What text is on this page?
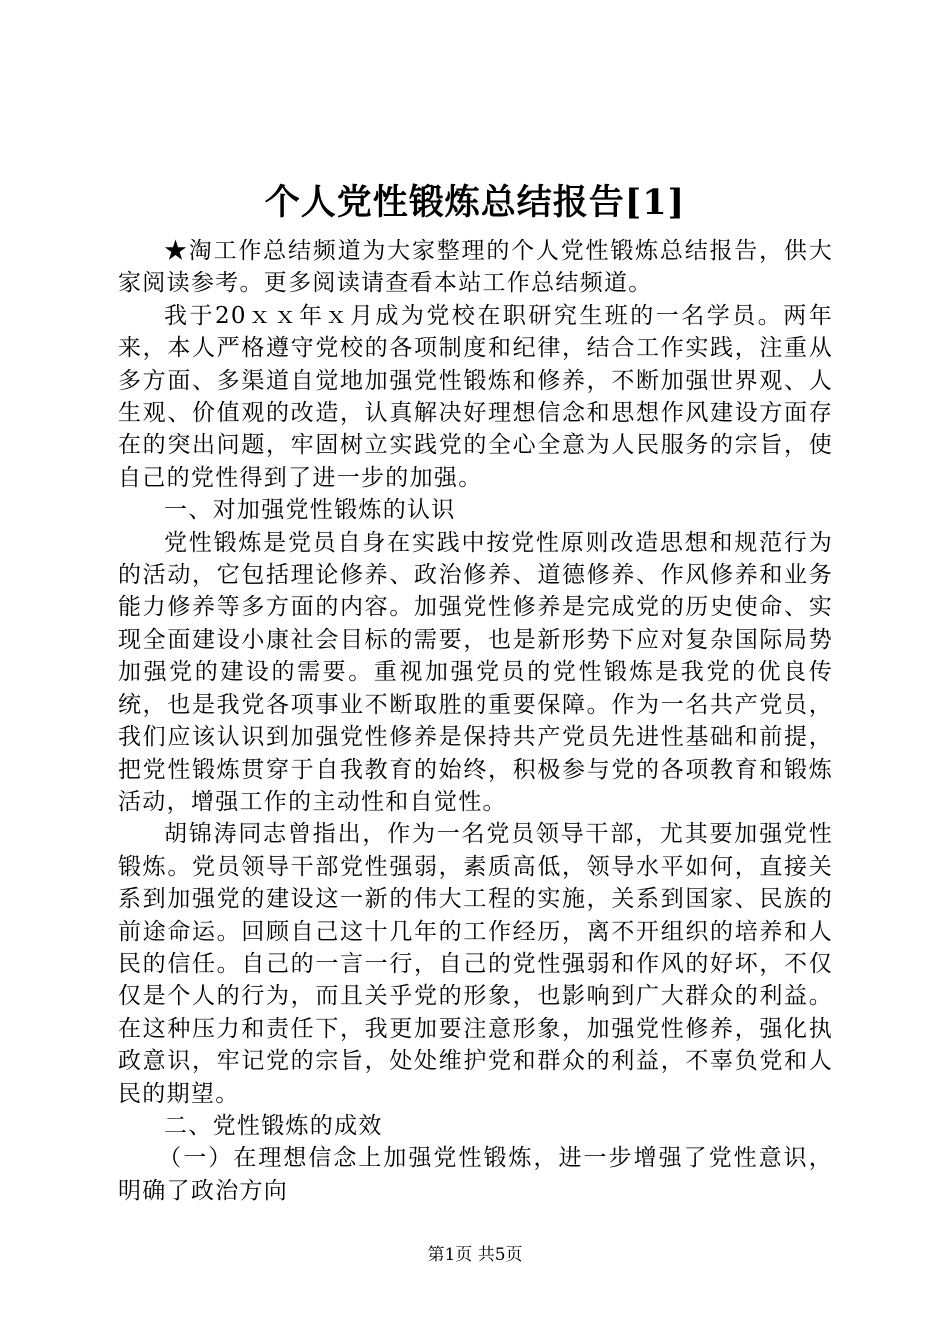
个人党性锻炼总结报告[1]

★淘工作总结频道为大家整理的个人党性锻炼总结报告，供大家阅读参考。更多阅读请查看本站工作总结频道。

我于20ｘｘ年ｘ月成为党校在职研究生班的一名学员。两年来，本人严格遵守党校的各项制度和纪律，结合工作实践，注重从多方面、多渠道自觉地加强党性锻炼和修养，不断加强世界观、人生观、价值观的改造，认真解决好理想信念和思想作风建设方面存在的突出问题，牢固树立实践党的全心全意为人民服务的宗旨，使自己的党性得到了进一步的加强。

一、对加强党性锻炼的认识

党性锻炼是党员自身在实践中按党性原则改造思想和规范行为的活动，它包括理论修养、政治修养、道德修养、作风修养和业务能力修养等多方面的内容。加强党性修养是完成党的历史使命、实现全面建设小康社会目标的需要，也是新形势下应对复杂国际局势加强党的建设的需要。重视加强党员的党性锻炼是我党的优良传统，也是我党各项事业不断取胜的重要保障。作为一名共产党员，我们应该认识到加强党性修养是保持共产党员先进性基础和前提，把党性锻炼贯穿于自我教育的始终，积极参与党的各项教育和锻炼活动，增强工作的主动性和自觉性。

胡锦涛同志曾指出，作为一名党员领导干部，尤其要加强党性锻炼。党员领导干部党性强弱，素质高低，领导水平如何，直接关系到加强党的建设这一新的伟大工程的实施，关系到国家、民族的前途命运。回顾自己这十几年的工作经历，离不开组织的培养和人民的信任。自己的一言一行，自己的党性强弱和作风的好坏，不仅仅是个人的行为，而且关乎党的形象，也影响到广大群众的利益。在这种压力和责任下，我更加要注意形象，加强党性修养，强化执政意识，牢记党的宗旨，处处维护党和群众的利益，不辜负党和人民的期望。

二、党性锻炼的成效

（一）在理想信念上加强党性锻炼，进一步增强了党性意识，明确了政治方向

第1页 共5页
